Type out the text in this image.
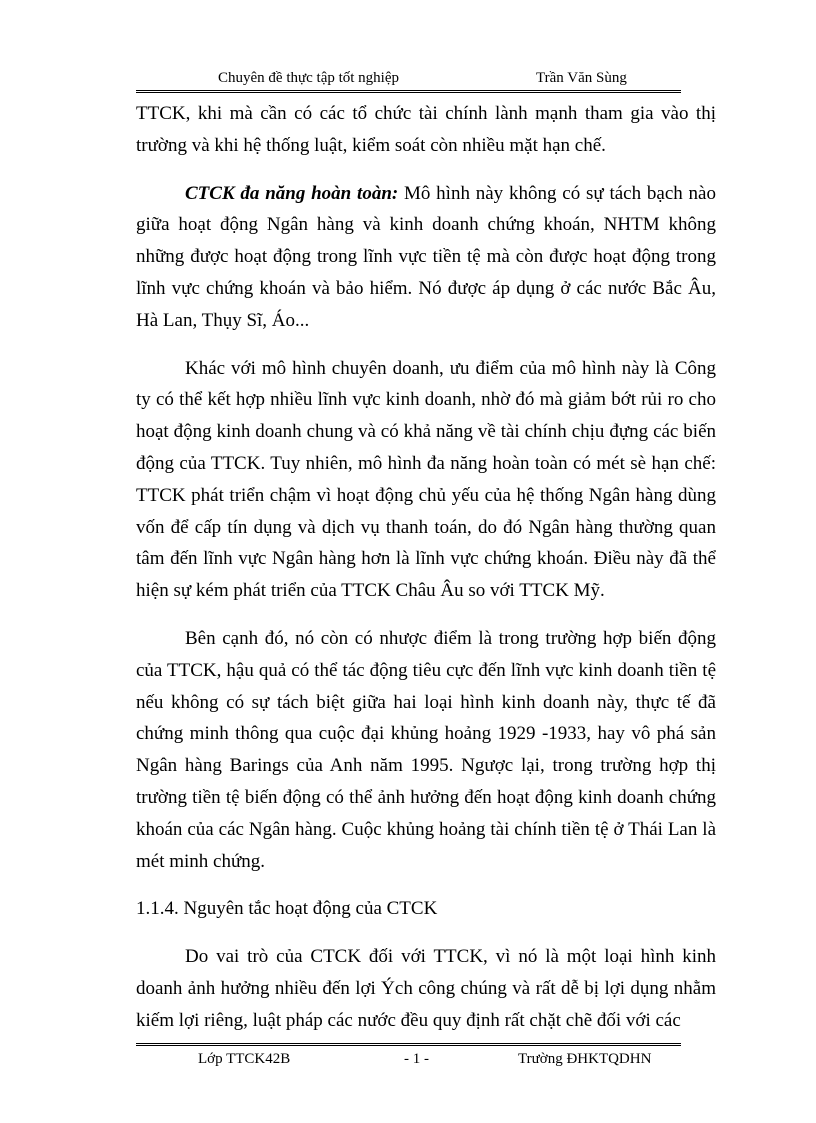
Chuyên đề thực tập tốt nghiệp	Trần Văn Sùng

TTCK, khi mà cần có các tổ chức tài chính lành mạnh tham gia vào thị trường và khi hệ thống luật, kiểm soát còn nhiều mặt hạn chế.

CTCK đa năng hoàn toàn: Mô hình này không có sự tách bạch nào giữa hoạt động Ngân hàng và kinh doanh chứng khoán, NHTM không những được hoạt động trong lĩnh vực tiền tệ mà còn được hoạt động trong lĩnh vực chứng khoán và bảo hiểm. Nó được áp dụng ở các nước Bắc Âu, Hà Lan, Thụy Sĩ, Áo...

Khác với mô hình chuyên doanh, ưu điểm của mô hình này là Công ty có thể kết hợp nhiều lĩnh vực kinh doanh, nhờ đó mà giảm bớt rủi ro cho hoạt động kinh doanh chung và có khả năng về tài chính chịu đựng các biến động của TTCK. Tuy nhiên, mô hình đa năng hoàn toàn có mét sè hạn chế: TTCK phát triển chậm vì hoạt động chủ yếu của hệ thống Ngân hàng dùng vốn để cấp tín dụng và dịch vụ thanh toán, do đó Ngân hàng thường quan tâm đến lĩnh vực Ngân hàng hơn là lĩnh vực chứng khoán. Điều này đã thể hiện sự kém phát triển của TTCK Châu Âu so với TTCK Mỹ.

Bên cạnh đó, nó còn có nhược điểm là trong trường hợp biến động của TTCK, hậu quả có thể tác động tiêu cực đến lĩnh vực kinh doanh tiền tệ nếu không có sự tách biệt giữa hai loại hình kinh doanh này, thực tế đã chứng minh thông qua cuộc đại khủng hoảng 1929 -1933, hay vô phá sản Ngân hàng Barings của Anh năm 1995. Ngược lại, trong trường hợp thị trường tiền tệ biến động có thể ảnh hưởng đến hoạt động kinh doanh chứng khoán của các Ngân hàng. Cuộc khủng hoảng tài chính tiền tệ ở Thái Lan là mét minh chứng.

1.1.4. Nguyên tắc hoạt động của CTCK

Do vai trò của CTCK đối với TTCK, vì nó là một loại hình kinh doanh ảnh hưởng nhiều đến lợi Ých công chúng và rất dễ bị lợi dụng nhằm kiếm lợi riêng, luật pháp các nước đều quy định rất chặt chẽ đối với các

Lớp TTCK42B	- 1 -	Trường ĐHKTQDHN
